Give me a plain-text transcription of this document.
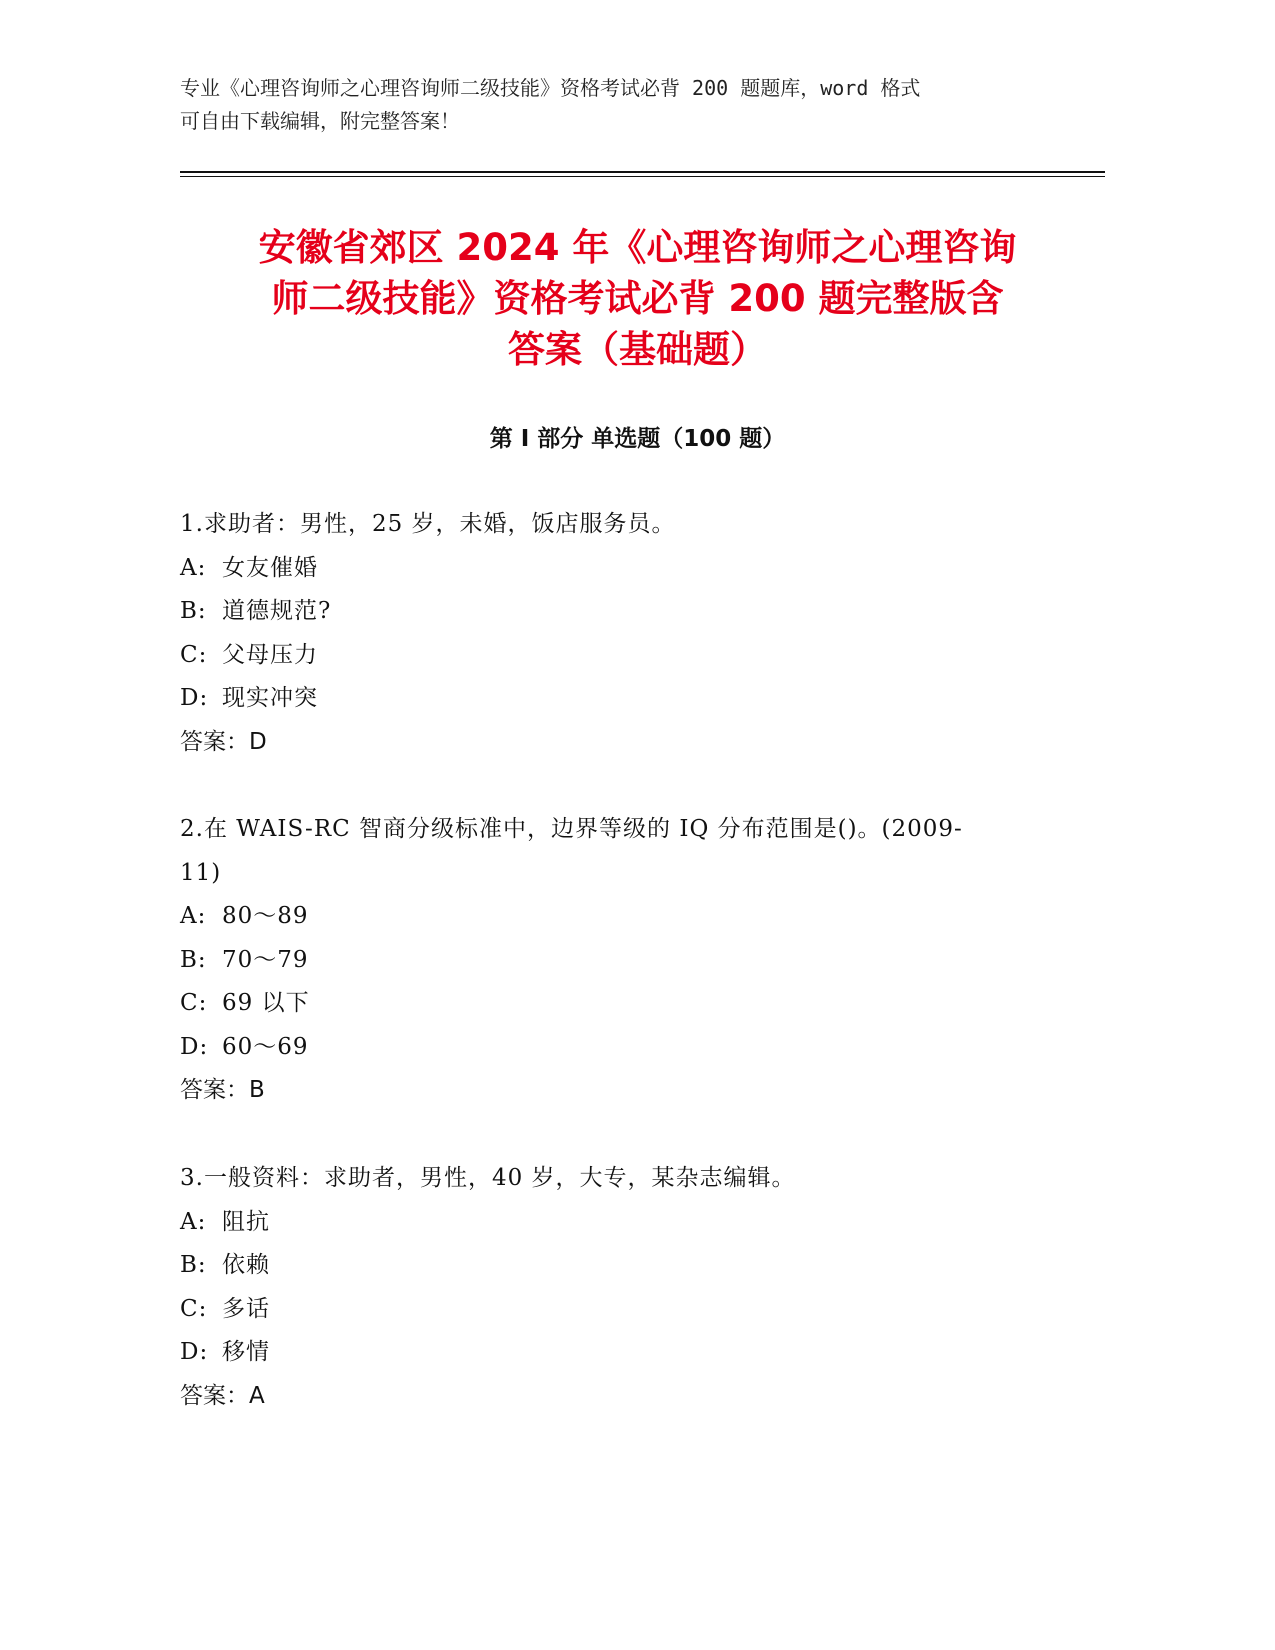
专业《心理咨询师之心理咨询师二级技能》资格考试必背 200 题题库，word 格式
可自由下载编辑，附完整答案！
安徽省郊区 2024 年《心理咨询师之心理咨询
师二级技能》资格考试必背 200 题完整版含
答案（基础题）
第 I 部分 单选题（100 题）
1.求助者：男性，25 岁，未婚，饭店服务员。
A: 女友催婚
B: 道德规范?
C: 父母压力
D: 现实冲突
答案：D
2.在 WAIS-RC 智商分级标准中，边界等级的 IQ 分布范围是()。(2009-
11)
A: 80～89
B: 70～79
C: 69 以下
D: 60～69
答案：B
3.一般资料：求助者，男性，40 岁，大专，某杂志编辑。
A: 阻抗
B: 依赖
C: 多话
D: 移情
答案：A
